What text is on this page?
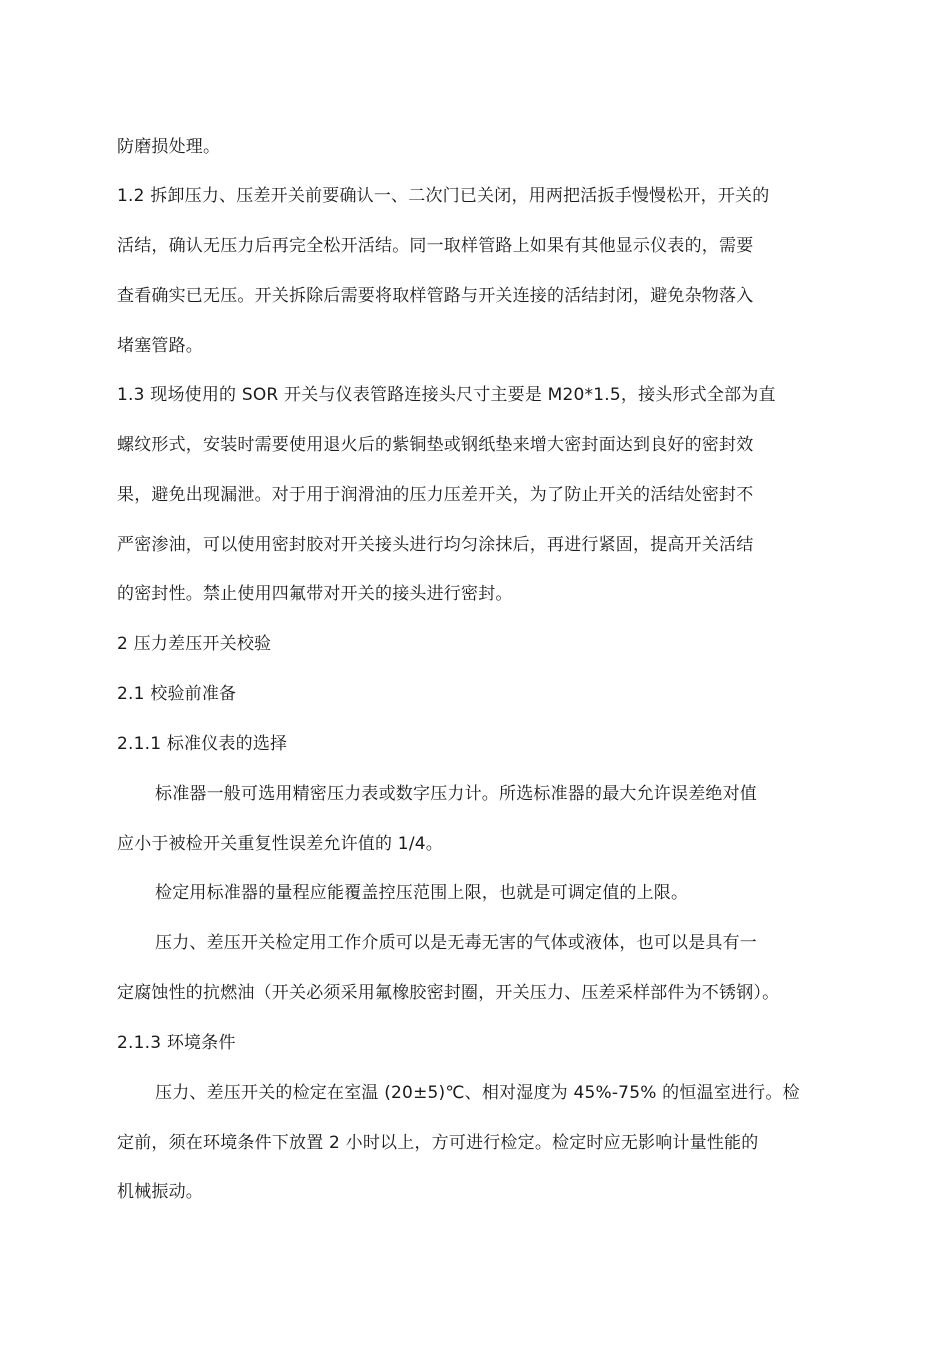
防磨损处理。
1.2 拆卸压力、压差开关前要确认一、二次门已关闭，用两把活扳手慢慢松开，开关的
活结，确认无压力后再完全松开活结。同一取样管路上如果有其他显示仪表的，需要
查看确实已无压。开关拆除后需要将取样管路与开关连接的活结封闭，避免杂物落入
堵塞管路。
1.3 现场使用的 SOR 开关与仪表管路连接头尺寸主要是 M20*1.5，接头形式全部为直
螺纹形式，安装时需要使用退火后的紫铜垫或钢纸垫来增大密封面达到良好的密封效
果，避免出现漏泄。对于用于润滑油的压力压差开关，为了防止开关的活结处密封不
严密渗油，可以使用密封胶对开关接头进行均匀涂抹后，再进行紧固，提高开关活结
的密封性。禁止使用四氟带对开关的接头进行密封。
2 压力差压开关校验
2.1 校验前准备
2.1.1 标准仪表的选择
标准器一般可选用精密压力表或数字压力计。所选标准器的最大允许误差绝对值
应小于被检开关重复性误差允许值的 1/4。
检定用标准器的量程应能覆盖控压范围上限，也就是可调定值的上限。
压力、差压开关检定用工作介质可以是无毒无害的气体或液体，也可以是具有一
定腐蚀性的抗燃油（开关必须采用氟橡胶密封圈，开关压力、压差采样部件为不锈钢）。
2.1.3 环境条件
压力、差压开关的检定在室温 (20±5)℃、相对湿度为 45%-75% 的恒温室进行。检
定前，须在环境条件下放置 2 小时以上，方可进行检定。检定时应无影响计量性能的
机械振动。
